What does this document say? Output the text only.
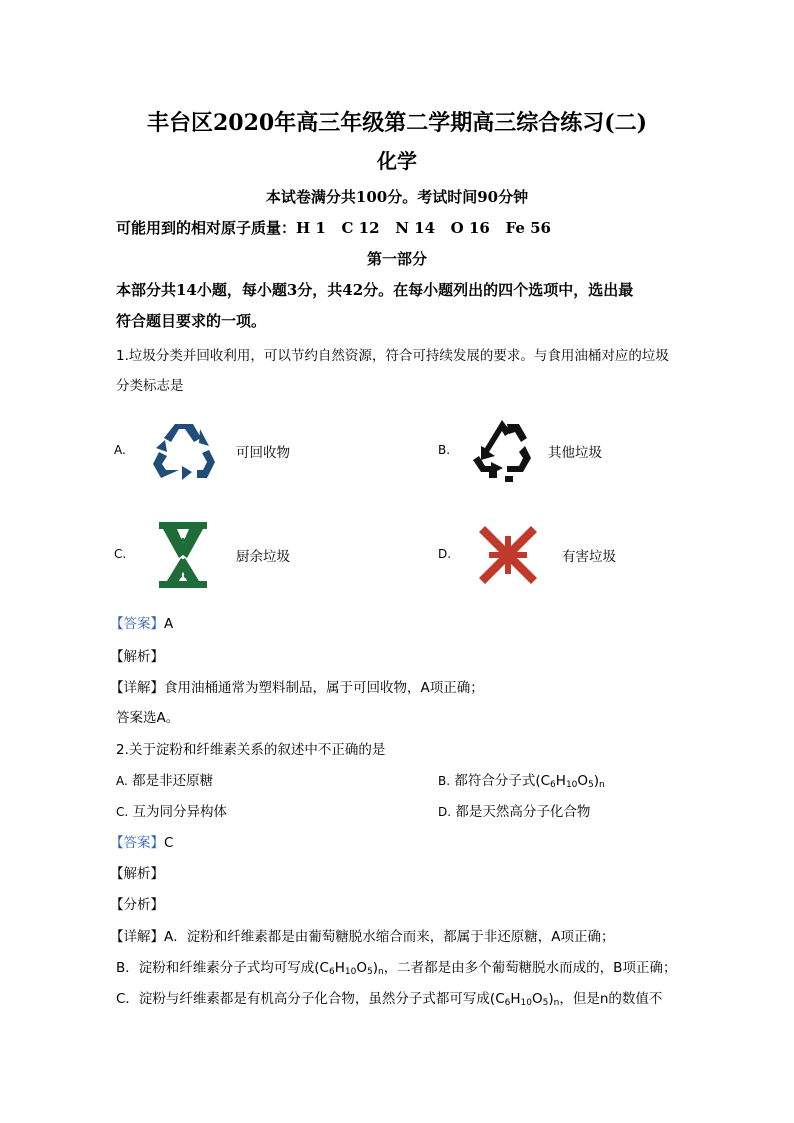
丰台区2020年高三年级第二学期高三综合练习(二)
化学
本试卷满分共100分。考试时间90分钟
可能用到的相对原子质量：H 1   C 12   N 14   O 16   Fe 56
第一部分
本部分共14小题，每小题3分，共42分。在每小题列出的四个选项中，选出最
符合题目要求的一项。
1.垃圾分类并回收利用，可以节约自然资源，符合可持续发展的要求。与食用油桶对应的垃圾
分类标志是
A.	可回收物	B.	其他垃圾
C.	厨余垃圾	D.	有害垃圾
【答案】A
【解析】
【详解】食用油桶通常为塑料制品，属于可回收物，A项正确；
答案选A。
2.关于淀粉和纤维素关系的叙述中不正确的是
A. 都是非还原糖	B. 都符合分子式$(C_6H_{10}O_5)_n$
C. 互为同分异构体	D. 都是天然高分子化合物
【答案】C
【解析】
【分析】
【详解】A．淀粉和纤维素都是由葡萄糖脱水缩合而来，都属于非还原糖，A项正确；
B．淀粉和纤维素分子式均可写成$(C_6H_{10}O_5)_n$，二者都是由多个葡萄糖脱水而成的，B项正确；
C．淀粉与纤维素都是有机高分子化合物，虽然分子式都可写成$(C_6H_{10}O_5)_n$，但是n的数值不
